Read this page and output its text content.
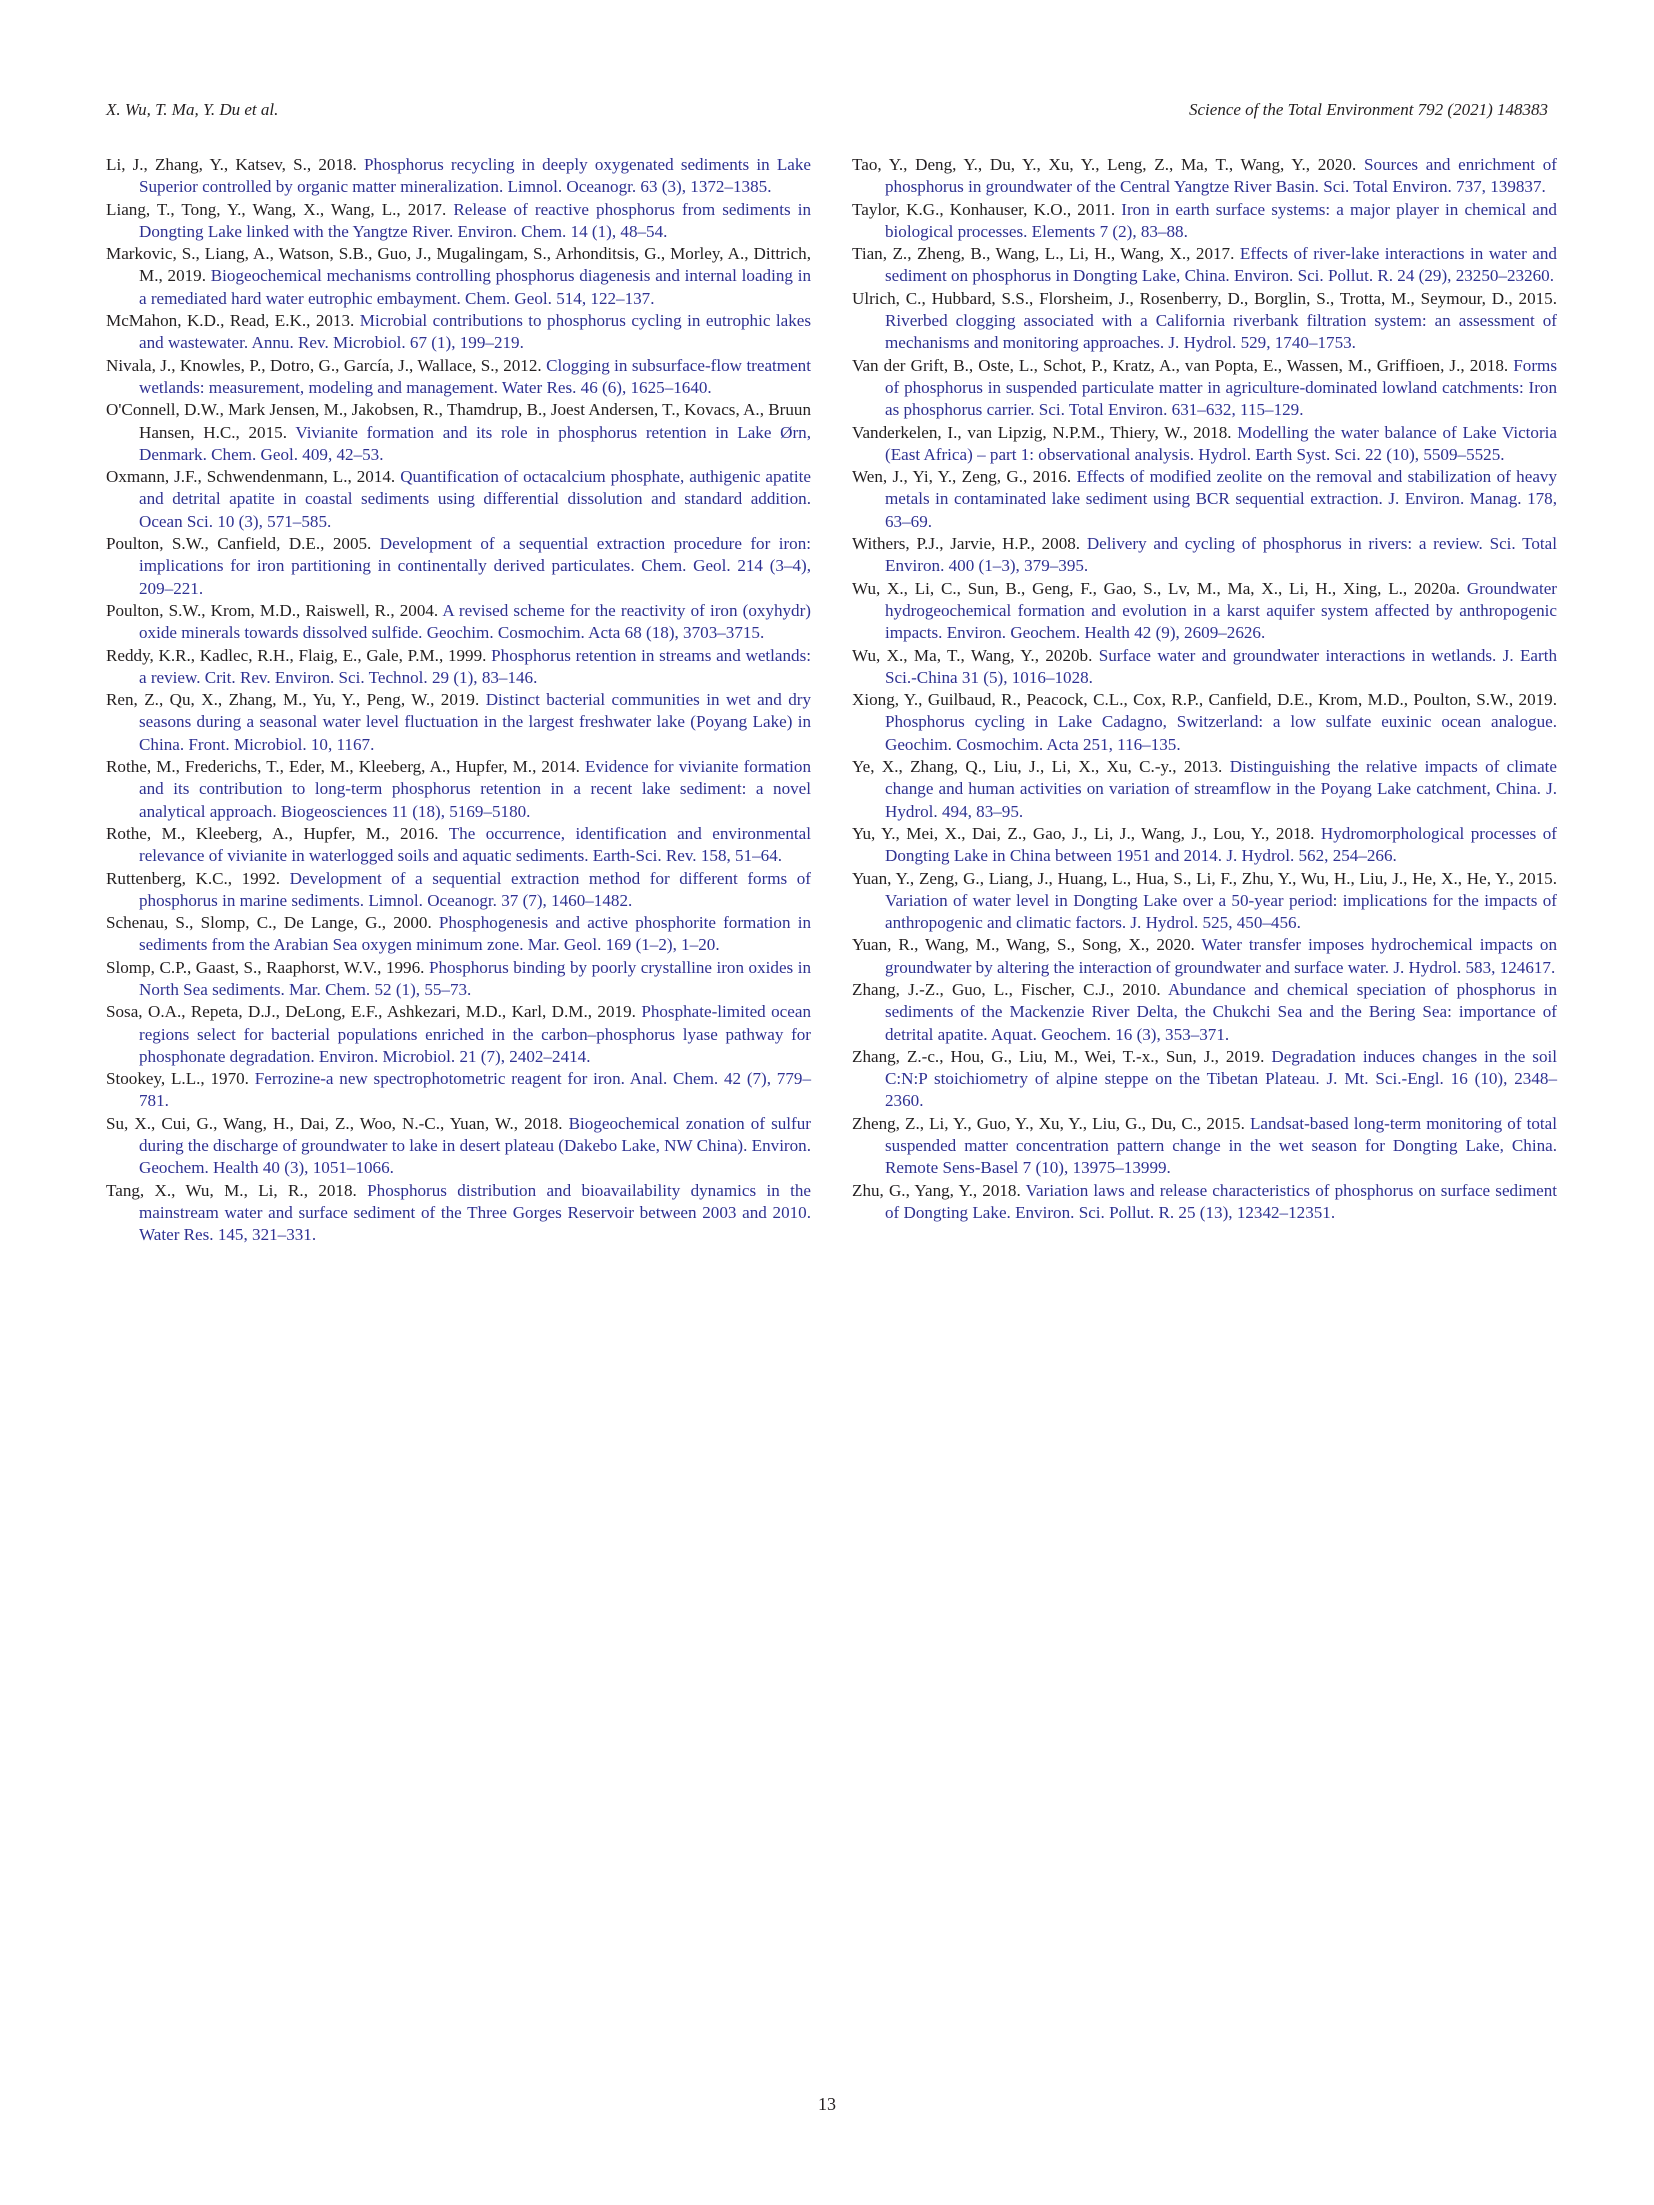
X. Wu, T. Ma, Y. Du et al.	Science of the Total Environment 792 (2021) 148383

Li, J., Zhang, Y., Katsev, S., 2018. Phosphorus recycling in deeply oxygenated sediments in Lake Superior controlled by organic matter mineralization. Limnol. Oceanogr. 63 (3), 1372–1385.

Liang, T., Tong, Y., Wang, X., Wang, L., 2017. Release of reactive phosphorus from sediments in Dongting Lake linked with the Yangtze River. Environ. Chem. 14 (1), 48–54.

Markovic, S., Liang, A., Watson, S.B., Guo, J., Mugalingam, S., Arhonditsis, G., Morley, A., Dittrich, M., 2019. Biogeochemical mechanisms controlling phosphorus diagenesis and internal loading in a remediated hard water eutrophic embayment. Chem. Geol. 514, 122–137.

McMahon, K.D., Read, E.K., 2013. Microbial contributions to phosphorus cycling in eutrophic lakes and wastewater. Annu. Rev. Microbiol. 67 (1), 199–219.

Nivala, J., Knowles, P., Dotro, G., García, J., Wallace, S., 2012. Clogging in subsurface-flow treatment wetlands: measurement, modeling and management. Water Res. 46 (6), 1625–1640.

O'Connell, D.W., Mark Jensen, M., Jakobsen, R., Thamdrup, B., Joest Andersen, T., Kovacs, A., Bruun Hansen, H.C., 2015. Vivianite formation and its role in phosphorus retention in Lake Ørn, Denmark. Chem. Geol. 409, 42–53.

Oxmann, J.F., Schwendenmann, L., 2014. Quantification of octacalcium phosphate, authigenic apatite and detrital apatite in coastal sediments using differential dissolution and standard addition. Ocean Sci. 10 (3), 571–585.

Poulton, S.W., Canfield, D.E., 2005. Development of a sequential extraction procedure for iron: implications for iron partitioning in continentally derived particulates. Chem. Geol. 214 (3–4), 209–221.

Poulton, S.W., Krom, M.D., Raiswell, R., 2004. A revised scheme for the reactivity of iron (oxyhydr) oxide minerals towards dissolved sulfide. Geochim. Cosmochim. Acta 68 (18), 3703–3715.

Reddy, K.R., Kadlec, R.H., Flaig, E., Gale, P.M., 1999. Phosphorus retention in streams and wetlands: a review. Crit. Rev. Environ. Sci. Technol. 29 (1), 83–146.

Ren, Z., Qu, X., Zhang, M., Yu, Y., Peng, W., 2019. Distinct bacterial communities in wet and dry seasons during a seasonal water level fluctuation in the largest freshwater lake (Poyang Lake) in China. Front. Microbiol. 10, 1167.

Rothe, M., Frederichs, T., Eder, M., Kleeberg, A., Hupfer, M., 2014. Evidence for vivianite formation and its contribution to long-term phosphorus retention in a recent lake sediment: a novel analytical approach. Biogeosciences 11 (18), 5169–5180.

Rothe, M., Kleeberg, A., Hupfer, M., 2016. The occurrence, identification and environmental relevance of vivianite in waterlogged soils and aquatic sediments. Earth-Sci. Rev. 158, 51–64.

Ruttenberg, K.C., 1992. Development of a sequential extraction method for different forms of phosphorus in marine sediments. Limnol. Oceanogr. 37 (7), 1460–1482.

Schenau, S., Slomp, C., De Lange, G., 2000. Phosphogenesis and active phosphorite formation in sediments from the Arabian Sea oxygen minimum zone. Mar. Geol. 169 (1–2), 1–20.

Slomp, C.P., Gaast, S., Raaphorst, W.V., 1996. Phosphorus binding by poorly crystalline iron oxides in North Sea sediments. Mar. Chem. 52 (1), 55–73.

Sosa, O.A., Repeta, D.J., DeLong, E.F., Ashkezari, M.D., Karl, D.M., 2019. Phosphate-limited ocean regions select for bacterial populations enriched in the carbon–phosphorus lyase pathway for phosphonate degradation. Environ. Microbiol. 21 (7), 2402–2414.

Stookey, L.L., 1970. Ferrozine-a new spectrophotometric reagent for iron. Anal. Chem. 42 (7), 779–781.

Su, X., Cui, G., Wang, H., Dai, Z., Woo, N.-C., Yuan, W., 2018. Biogeochemical zonation of sulfur during the discharge of groundwater to lake in desert plateau (Dakebo Lake, NW China). Environ. Geochem. Health 40 (3), 1051–1066.

Tang, X., Wu, M., Li, R., 2018. Phosphorus distribution and bioavailability dynamics in the mainstream water and surface sediment of the Three Gorges Reservoir between 2003 and 2010. Water Res. 145, 321–331.

Tao, Y., Deng, Y., Du, Y., Xu, Y., Leng, Z., Ma, T., Wang, Y., 2020. Sources and enrichment of phosphorus in groundwater of the Central Yangtze River Basin. Sci. Total Environ. 737, 139837.

Taylor, K.G., Konhauser, K.O., 2011. Iron in earth surface systems: a major player in chemical and biological processes. Elements 7 (2), 83–88.

Tian, Z., Zheng, B., Wang, L., Li, H., Wang, X., 2017. Effects of river-lake interactions in water and sediment on phosphorus in Dongting Lake, China. Environ. Sci. Pollut. R. 24 (29), 23250–23260.

Ulrich, C., Hubbard, S.S., Florsheim, J., Rosenberry, D., Borglin, S., Trotta, M., Seymour, D., 2015. Riverbed clogging associated with a California riverbank filtration system: an assessment of mechanisms and monitoring approaches. J. Hydrol. 529, 1740–1753.

Van der Grift, B., Oste, L., Schot, P., Kratz, A., van Popta, E., Wassen, M., Griffioen, J., 2018. Forms of phosphorus in suspended particulate matter in agriculture-dominated lowland catchments: Iron as phosphorus carrier. Sci. Total Environ. 631–632, 115–129.

Vanderkelen, I., van Lipzig, N.P.M., Thiery, W., 2018. Modelling the water balance of Lake Victoria (East Africa) – part 1: observational analysis. Hydrol. Earth Syst. Sci. 22 (10), 5509–5525.

Wen, J., Yi, Y., Zeng, G., 2016. Effects of modified zeolite on the removal and stabilization of heavy metals in contaminated lake sediment using BCR sequential extraction. J. Environ. Manag. 178, 63–69.

Withers, P.J., Jarvie, H.P., 2008. Delivery and cycling of phosphorus in rivers: a review. Sci. Total Environ. 400 (1–3), 379–395.

Wu, X., Li, C., Sun, B., Geng, F., Gao, S., Lv, M., Ma, X., Li, H., Xing, L., 2020a. Groundwater hydrogeochemical formation and evolution in a karst aquifer system affected by anthropogenic impacts. Environ. Geochem. Health 42 (9), 2609–2626.

Wu, X., Ma, T., Wang, Y., 2020b. Surface water and groundwater interactions in wetlands. J. Earth Sci.-China 31 (5), 1016–1028.

Xiong, Y., Guilbaud, R., Peacock, C.L., Cox, R.P., Canfield, D.E., Krom, M.D., Poulton, S.W., 2019. Phosphorus cycling in Lake Cadagno, Switzerland: a low sulfate euxinic ocean analogue. Geochim. Cosmochim. Acta 251, 116–135.

Ye, X., Zhang, Q., Liu, J., Li, X., Xu, C.-y., 2013. Distinguishing the relative impacts of climate change and human activities on variation of streamflow in the Poyang Lake catchment, China. J. Hydrol. 494, 83–95.

Yu, Y., Mei, X., Dai, Z., Gao, J., Li, J., Wang, J., Lou, Y., 2018. Hydromorphological processes of Dongting Lake in China between 1951 and 2014. J. Hydrol. 562, 254–266.

Yuan, Y., Zeng, G., Liang, J., Huang, L., Hua, S., Li, F., Zhu, Y., Wu, H., Liu, J., He, X., He, Y., 2015. Variation of water level in Dongting Lake over a 50-year period: implications for the impacts of anthropogenic and climatic factors. J. Hydrol. 525, 450–456.

Yuan, R., Wang, M., Wang, S., Song, X., 2020. Water transfer imposes hydrochemical impacts on groundwater by altering the interaction of groundwater and surface water. J. Hydrol. 583, 124617.

Zhang, J.-Z., Guo, L., Fischer, C.J., 2010. Abundance and chemical speciation of phosphorus in sediments of the Mackenzie River Delta, the Chukchi Sea and the Bering Sea: importance of detrital apatite. Aquat. Geochem. 16 (3), 353–371.

Zhang, Z.-c., Hou, G., Liu, M., Wei, T.-x., Sun, J., 2019. Degradation induces changes in the soil C:N:P stoichiometry of alpine steppe on the Tibetan Plateau. J. Mt. Sci.-Engl. 16 (10), 2348–2360.

Zheng, Z., Li, Y., Guo, Y., Xu, Y., Liu, G., Du, C., 2015. Landsat-based long-term monitoring of total suspended matter concentration pattern change in the wet season for Dongting Lake, China. Remote Sens-Basel 7 (10), 13975–13999.

Zhu, G., Yang, Y., 2018. Variation laws and release characteristics of phosphorus on surface sediment of Dongting Lake. Environ. Sci. Pollut. R. 25 (13), 12342–12351.

13
